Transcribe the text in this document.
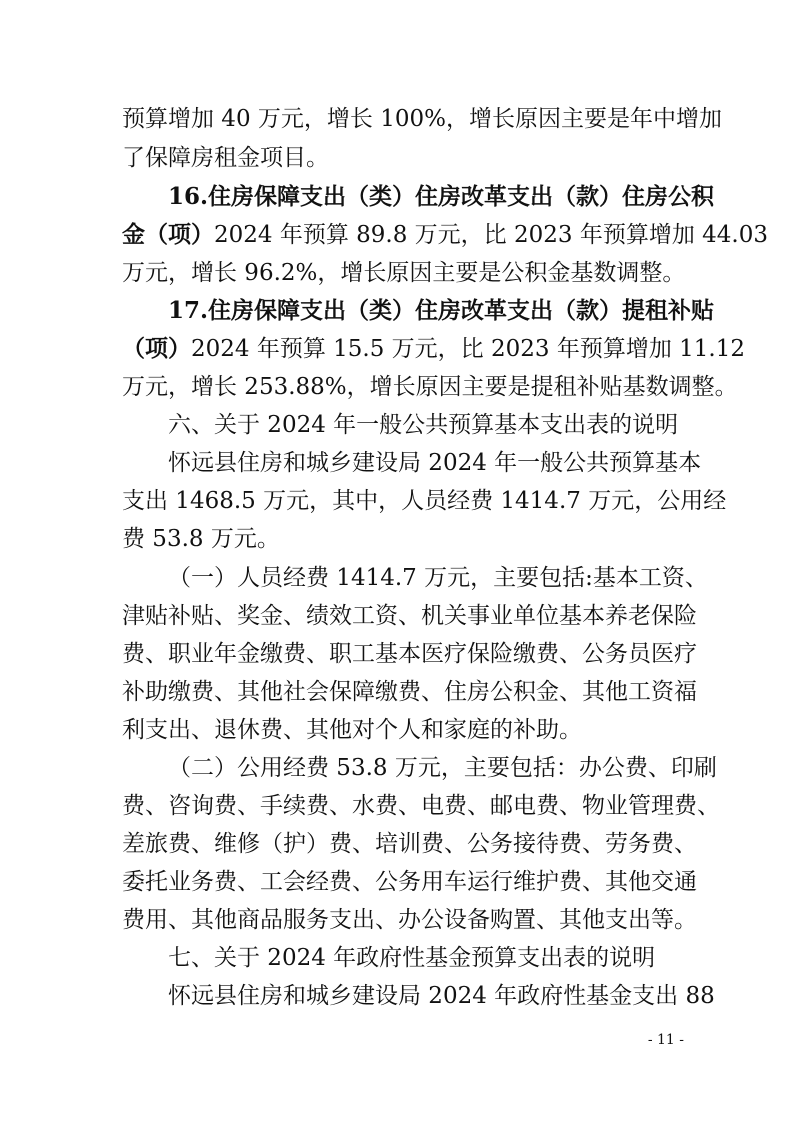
预算增加 40 万元，增长 100%，增长原因主要是年中增加
了保障房租金项目。
16.住房保障支出（类）住房改革支出（款）住房公积
金（项）2024 年预算 89.8 万元，比 2023 年预算增加 44.03
万元，增长 96.2%，增长原因主要是公积金基数调整。
17.住房保障支出（类）住房改革支出（款）提租补贴
（项）2024 年预算 15.5 万元，比 2023 年预算增加 11.12
万元，增长 253.88%，增长原因主要是提租补贴基数调整。
六、关于 2024 年一般公共预算基本支出表的说明
怀远县住房和城乡建设局 2024 年一般公共预算基本
支出 1468.5 万元，其中，人员经费 1414.7 万元，公用经
费 53.8 万元。
（一）人员经费 1414.7 万元，主要包括:基本工资、
津贴补贴、奖金、绩效工资、机关事业单位基本养老保险
费、职业年金缴费、职工基本医疗保险缴费、公务员医疗
补助缴费、其他社会保障缴费、住房公积金、其他工资福
利支出、退休费、其他对个人和家庭的补助。
（二）公用经费 53.8 万元，主要包括：办公费、印刷
费、咨询费、手续费、水费、电费、邮电费、物业管理费、
差旅费、维修（护）费、培训费、公务接待费、劳务费、
委托业务费、工会经费、公务用车运行维护费、其他交通
费用、其他商品服务支出、办公设备购置、其他支出等。
七、关于 2024 年政府性基金预算支出表的说明
怀远县住房和城乡建设局 2024 年政府性基金支出 88
- 11 -
